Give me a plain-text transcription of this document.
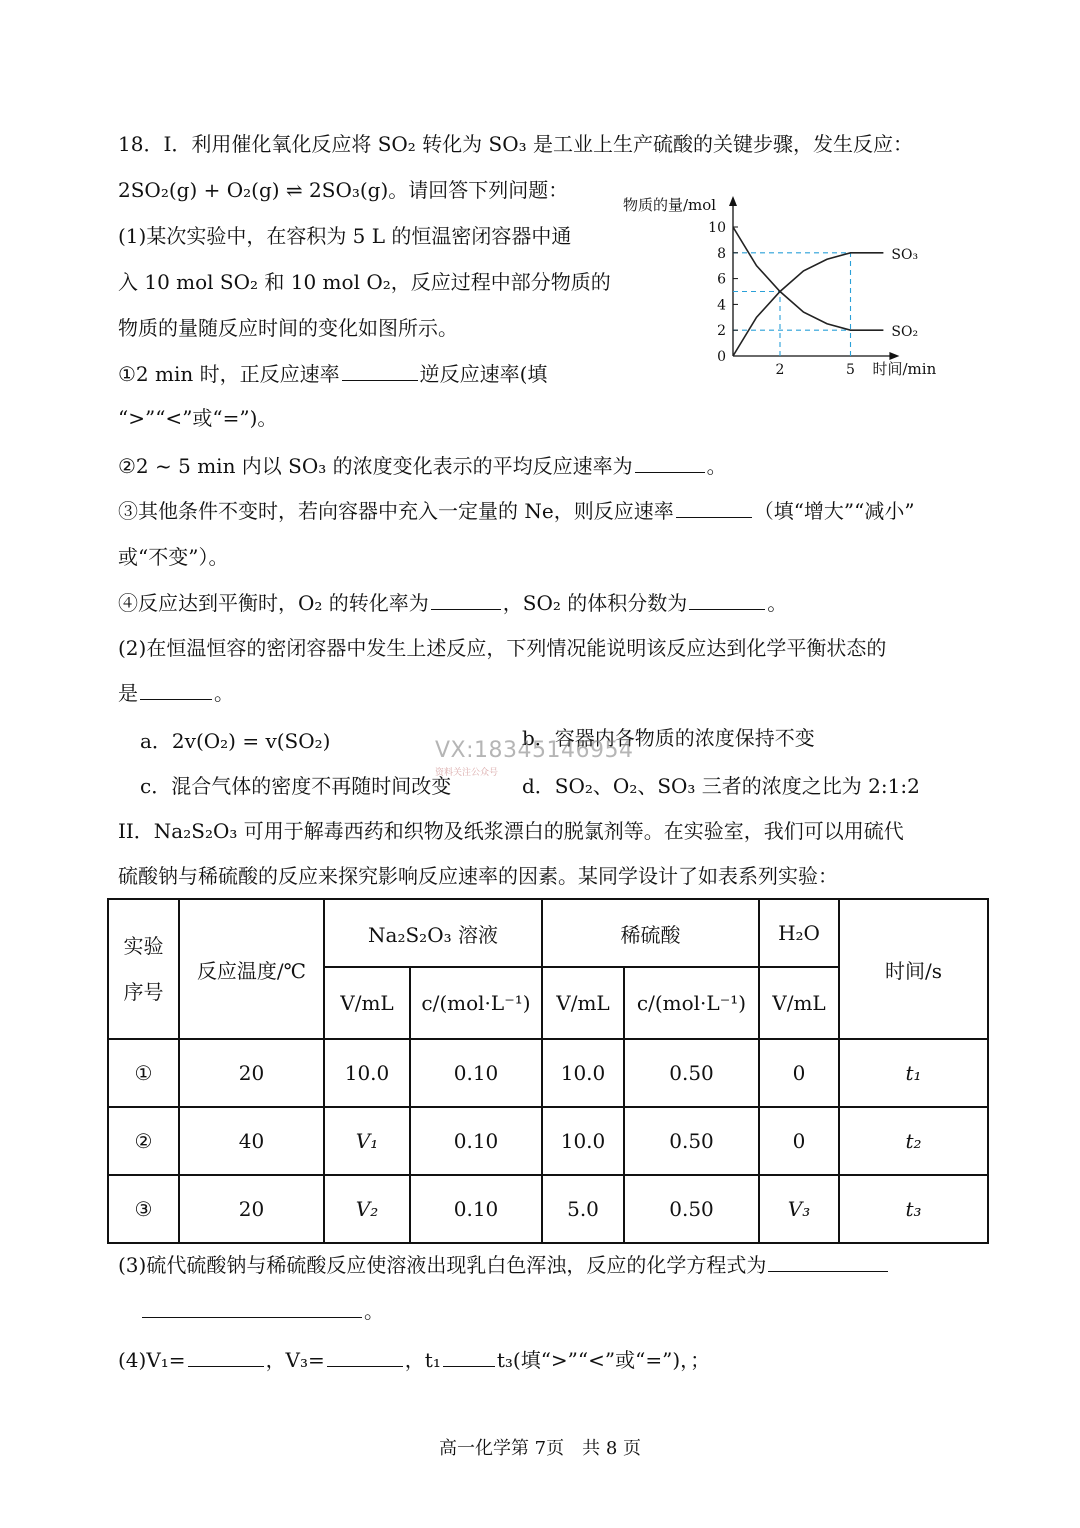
18．I．利用催化氧化反应将 SO₂ 转化为 SO₃ 是工业上生产硫酸的关键步骤，发生反应：
2SO₂(g) + O₂(g) ⇌ 2SO₃(g)。请回答下列问题：
(1)某次实验中，在容积为 5 L 的恒温密闭容器中通
入 10 mol SO₂ 和 10 mol O₂，反应过程中部分物质的
物质的量随反应时间的变化如图所示。
①2 min 时，正反应速率	逆反应速率(填
“>”“<”或“=”)。
②2 ~ 5 min 内以 SO₃ 的浓度变化表示的平均反应速率为	。
③其他条件不变时，若向容器中充入一定量的 Ne，则反应速率	（填“增大”“减小”
或“不变”）。
④反应达到平衡时，O₂ 的转化率为	，SO₂ 的体积分数为	。
(2)在恒温恒容的密闭容器中发生上述反应，下列情况能说明该反应达到化学平衡状态的
是	。
a．2v(O₂) = v(SO₂)	b．容器内各物质的浓度保持不变
c．混合气体的密度不再随时间改变	d．SO₂、O₂、SO₃ 三者的浓度之比为 2:1:2
II．Na₂S₂O₃ 可用于解毒西药和织物及纸浆漂白的脱氯剂等。在实验室，我们可以用硫代
硫酸钠与稀硫酸的反应来探究影响反应速率的因素。某同学设计了如表系列实验：
0
2
4
6
8
10
2	5
物质的量/mol
时间/min
SO₃
SO₂
实验序号	反应温度/℃	Na₂S₂O₃ 溶液		稀硫酸		H₂O	时间/s
		V/mL	c/(mol·L⁻¹)	V/mL	c/(mol·L⁻¹)	V/mL	
①	20	10.0	0.10	10.0	0.50	0	t₁
②	40	V₁	0.10	10.0	0.50	0	t₂
③	20	V₂	0.10	5.0	0.50	V₃	t₃
(3)硫代硫酸钠与稀硫酸反应使溶液出现乳白色浑浊，反应的化学方程式为
。
(4)V₁=	，V₃=	，t₁	t₃(填“>”“<”或“=”)，；
VX:18345146954
资料关注公众号
高一化学第 7页　共 8 页
